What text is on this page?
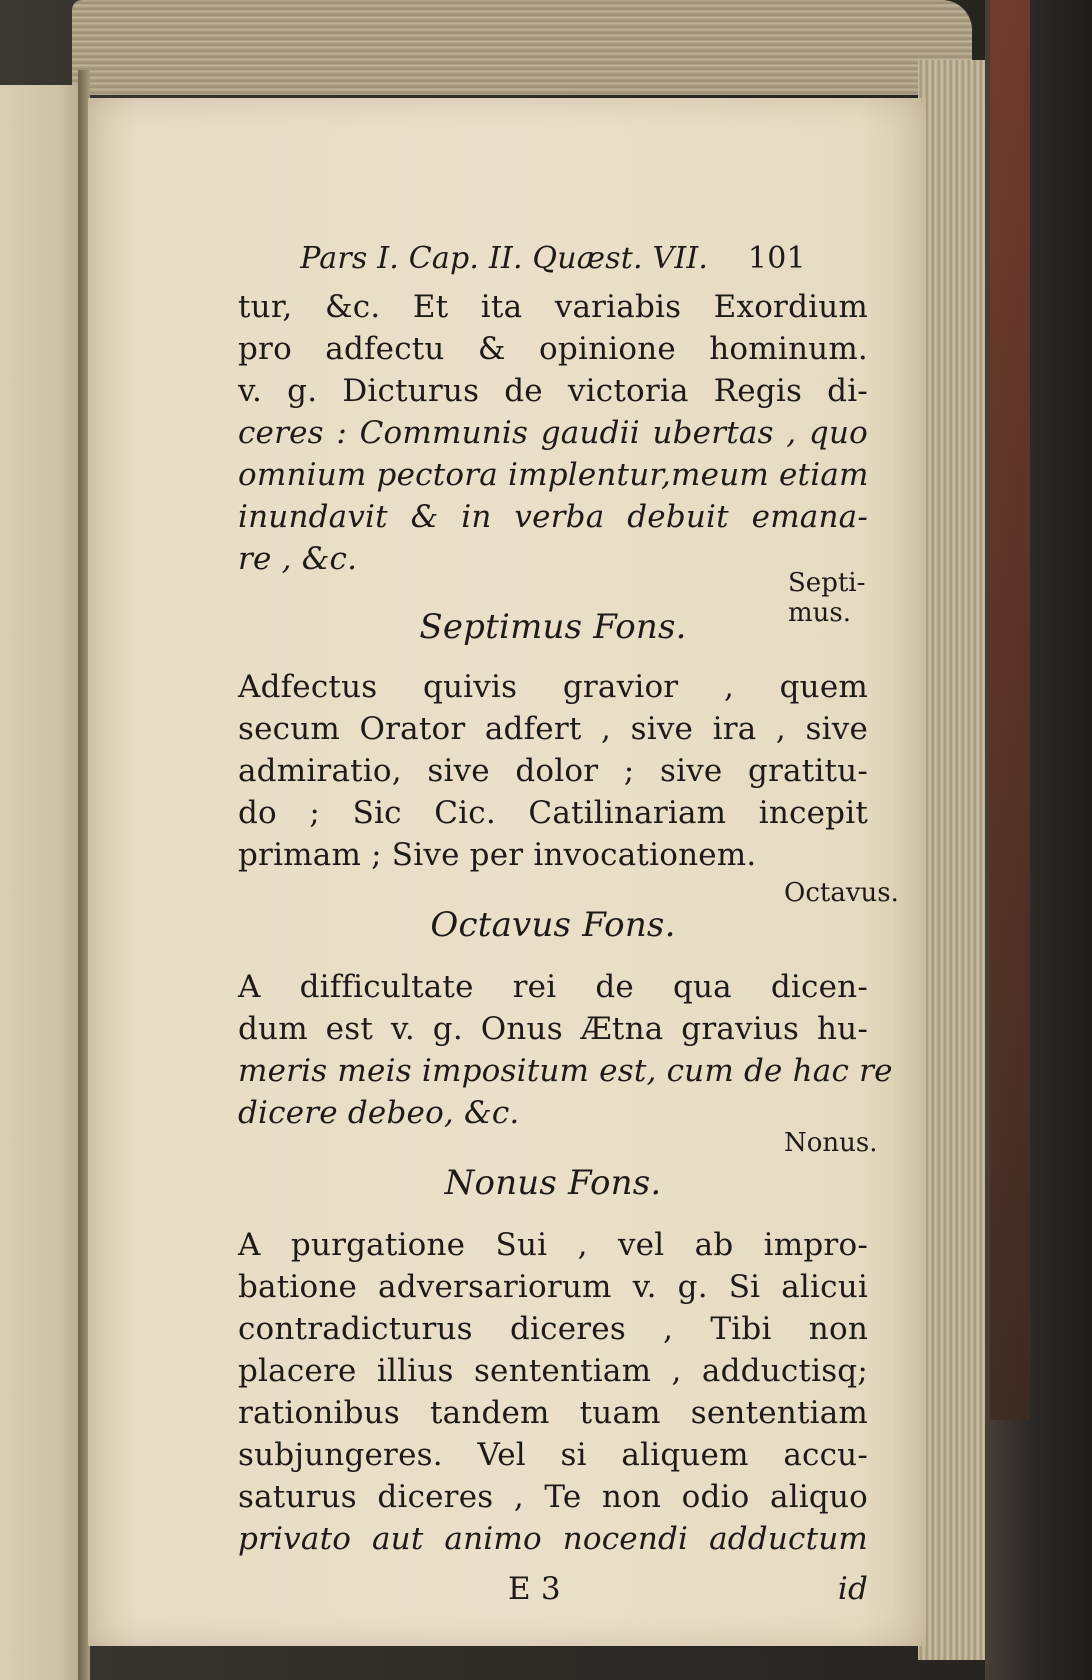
Pars I. Cap. II. Quæst. VII. 101
tur, &c. Et ita variabis Exordium
pro adfectu & opinione hominum.
v. g. Dicturus de victoria Regis di-
ceres : Communis gaudii ubertas , quo
omnium pectora implentur,meum etiam
inundavit & in verba debuit emana-
re , &c.
Septimus Fons.
Adfectus quivis gravior , quem
secum Orator adfert , sive ira , sive
admiratio, sive dolor ; sive gratitu-
do ; Sic Cic. Catilinariam incepit
primam ; Sive per invocationem.
Octavus Fons.
A difficultate rei de qua dicen-
dum est v. g. Onus Ætna gravius hu-
meris meis impositum est, cum de hac re
dicere debeo, &c.
Nonus Fons.
A purgatione Sui , vel ab impro-
batione adversariorum v. g. Si alicui
contradicturus diceres , Tibi non
placere illius sententiam , adductisq;
rationibus tandem tuam sententiam
subjungeres. Vel si aliquem accu-
saturus diceres , Te non odio aliquo
privato aut animo nocendi adductum
E 3	id
Septi-
mus.
Octavus.
Nonus.
